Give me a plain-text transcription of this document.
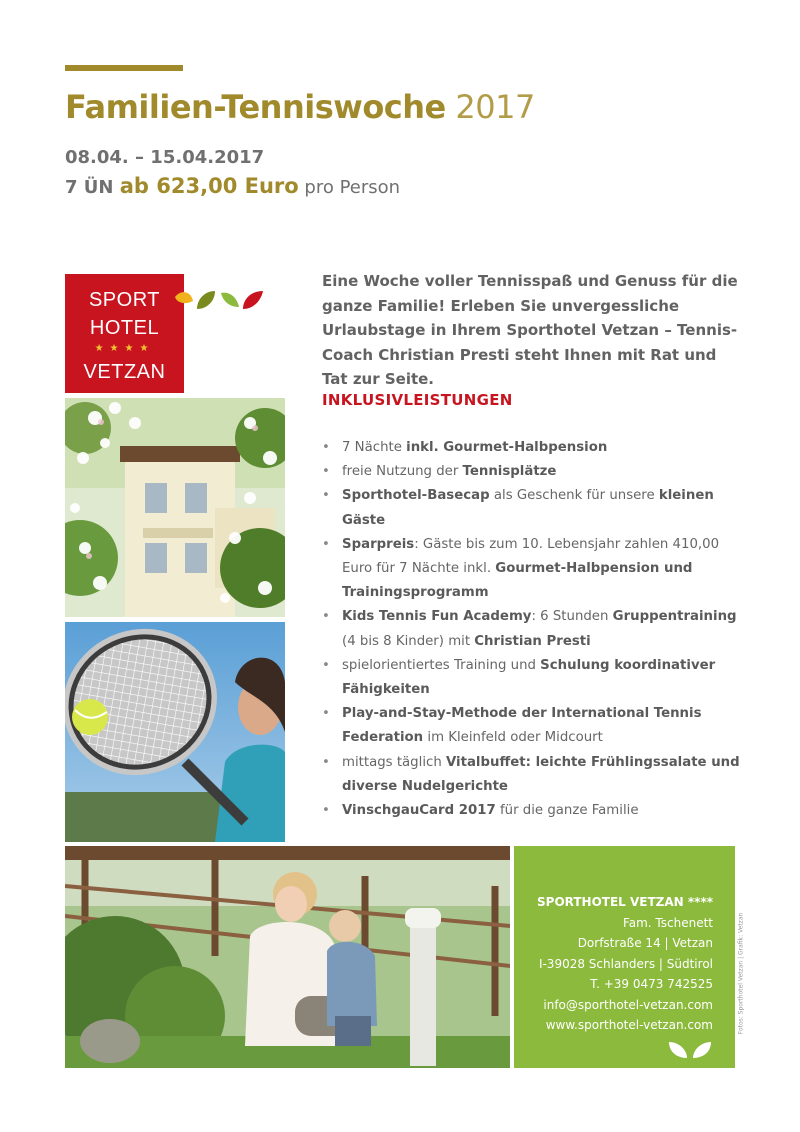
Familien-Tenniswoche 2017
08.04. – 15.04.2017
7 ÜN ab 623,00 Euro pro Person
SPORT
HOTEL
★★★★
VETZAN

Eine Woche voller Tennisspaß und Genuss für die ganze Familie! Erleben Sie unvergessliche Urlaubstage in Ihrem Sporthotel Vetzan – Tennis-Coach Christian Presti steht Ihnen mit Rat und Tat zur Seite.

INKLUSIVLEISTUNGEN
• 7 Nächte inkl. Gourmet-Halbpension
• freie Nutzung der Tennisplätze
• Sporthotel-Basecap als Geschenk für unsere kleinen Gäste
• Sparpreis: Gäste bis zum 10. Lebensjahr zahlen 410,00 Euro für 7 Nächte inkl. Gourmet-Halbpension und Trainingsprogramm
• Kids Tennis Fun Academy: 6 Stunden Gruppentraining (4 bis 8 Kinder) mit Christian Presti
• spielorientiertes Training und Schulung koordinativer Fähigkeiten
• Play-and-Stay-Methode der International Tennis Federation im Kleinfeld oder Midcourt
• mittags täglich Vitalbuffet: leichte Frühlingssalate und diverse Nudelgerichte
• VinschgauCard 2017 für die ganze Familie
SPORTHOTEL VETZAN ****
Fam. Tschenett
Dorfstraße 14 | Vetzan
I-39028 Schlanders | Südtirol
T. +39 0473 742525
info@sporthotel-vetzan.com
www.sporthotel-vetzan.com	Fotos: Sporthotel Vetzan | Grafik: Vetzan
